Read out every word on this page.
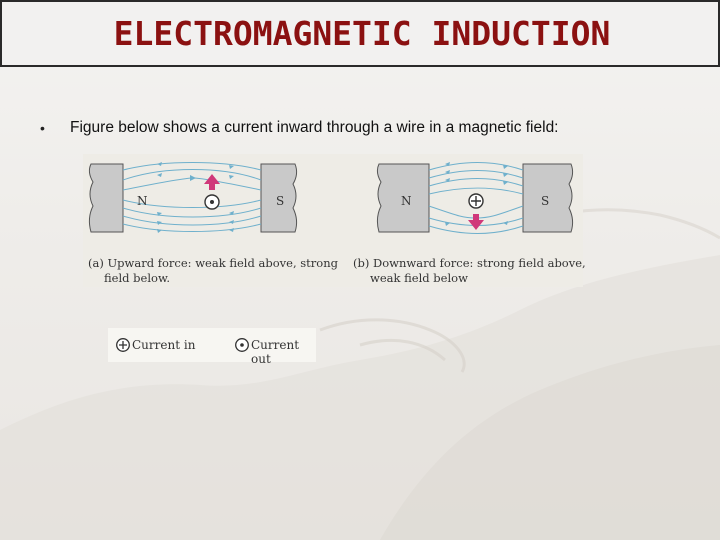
ELECTROMAGNETIC INDUCTION
• Figure below shows a current inward through a wire in a magnetic field:
N	S	N	S
(a) Upward force: weak field above, strong
field below.
(b) Downward force: strong field above,
weak field below
Current in	Current out
